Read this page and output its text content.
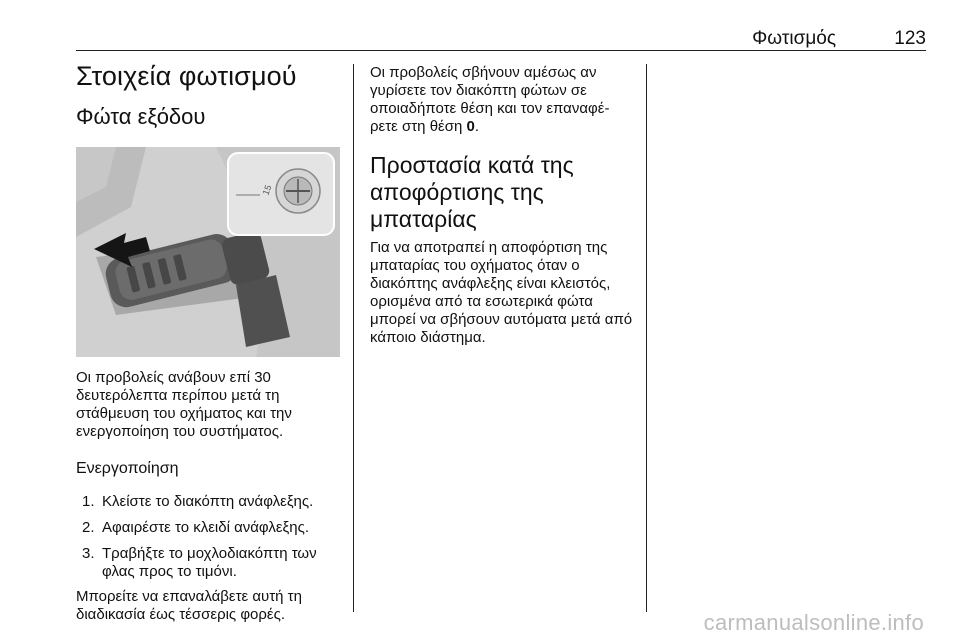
Φωτισμός	123
Στοιχεία φωτισμού
Φώτα εξόδου
15

Οι προβολείς ανάβουν επί 30 δευτερόλεπτα περίπου μετά τη στάθμευση του οχήματος και την ενεργοποίηση του συστήματος.

Ενεργοποίηση
1. Κλείστε το διακόπτη ανάφλεξης.
2. Αφαιρέστε το κλειδί ανάφλεξης.
3. Τραβήξτε το μοχλοδιακόπτη των φλας προς το τιμόνι.

Μπορείτε να επαναλάβετε αυτή τη διαδικασία έως τέσσερις φορές.

Οι προβολείς σβήνουν αμέσως αν γυρίσετε τον διακόπτη φώτων σε οποιαδήποτε θέση και τον επαναφέ- ρετε στη θέση 0.

Προστασία κατά της αποφόρτισης της μπαταρίας

Για να αποτραπεί η αποφόρτιση της μπαταρίας του οχήματος όταν ο διακόπτης ανάφλεξης είναι κλειστός, ορισμένα από τα εσωτερικά φώτα μπορεί να σβήσουν αυτόματα μετά από κάποιο διάστημα.

carmanualsonline.info
